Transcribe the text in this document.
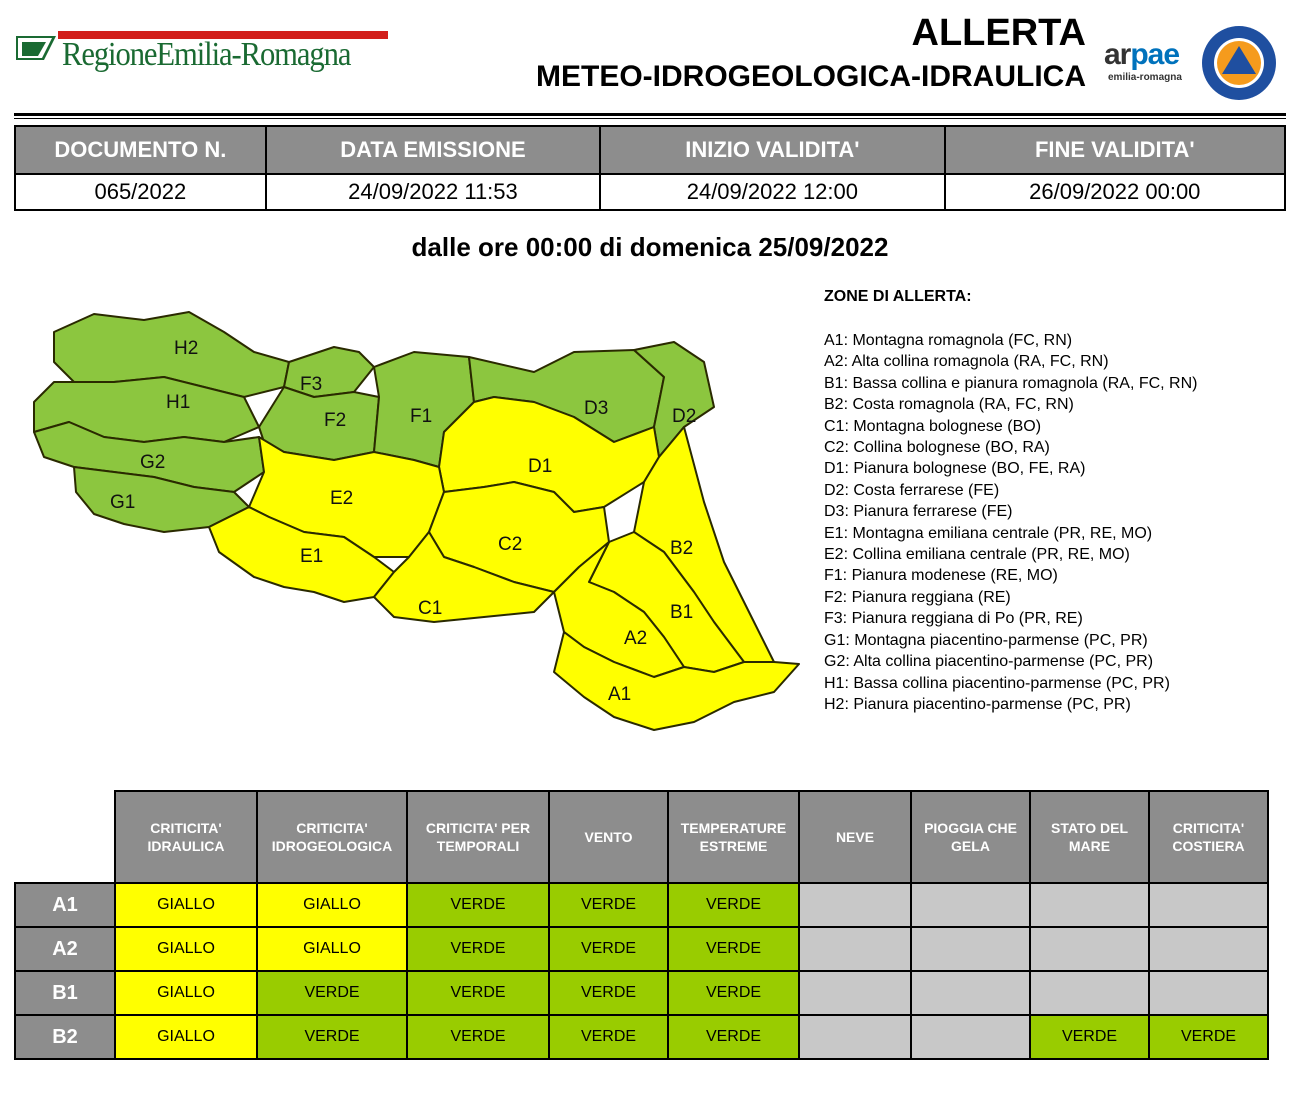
RegioneEmilia-Romagna
ALLERTA
METEO-IDROGEOLOGICA-IDRAULICA
arpae
emilia-romagna
DOCUMENTO N.	DATA EMISSIONE	INIZIO VALIDITA'	FINE VALIDITA'
065/2022	24/09/2022 11:53	24/09/2022 12:00	26/09/2022 00:00
dalle ore 00:00 di domenica 25/09/2022
H2
H1
G2
G1
F3
F2	F1
E2
E1
D3	D2
D1
C2
C1
B2
B1
A2
A1
ZONE DI ALLERTA:
A1: Montagna romagnola (FC, RN)
A2: Alta collina romagnola (RA, FC, RN)
B1: Bassa collina e pianura romagnola (RA, FC, RN)
B2: Costa romagnola (RA, FC, RN)
C1: Montagna bolognese (BO)
C2: Collina bolognese (BO, RA)
D1: Pianura bolognese (BO, FE, RA)
D2: Costa ferrarese (FE)
D3: Pianura ferrarese (FE)
E1: Montagna emiliana centrale (PR, RE, MO)
E2: Collina emiliana centrale (PR, RE, MO)
F1: Pianura modenese (RE, MO)
F2: Pianura reggiana (RE)
F3: Pianura reggiana di Po (PR, RE)
G1: Montagna piacentino-parmense (PC, PR)
G2: Alta collina piacentino-parmense (PC, PR)
H1: Bassa collina piacentino-parmense (PC, PR)
H2: Pianura piacentino-parmense (PC, PR)
	CRITICITA' IDRAULICA	CRITICITA' IDROGEOLOGICA	CRITICITA' PER TEMPORALI	VENTO	TEMPERATURE ESTREME	NEVE	PIOGGIA CHE GELA	STATO DEL MARE	CRITICITA' COSTIERA
A1	GIALLO	GIALLO	VERDE	VERDE	VERDE				
A2	GIALLO	GIALLO	VERDE	VERDE	VERDE				
B1	GIALLO	VERDE	VERDE	VERDE	VERDE				
B2	GIALLO	VERDE	VERDE	VERDE	VERDE			VERDE	VERDE
